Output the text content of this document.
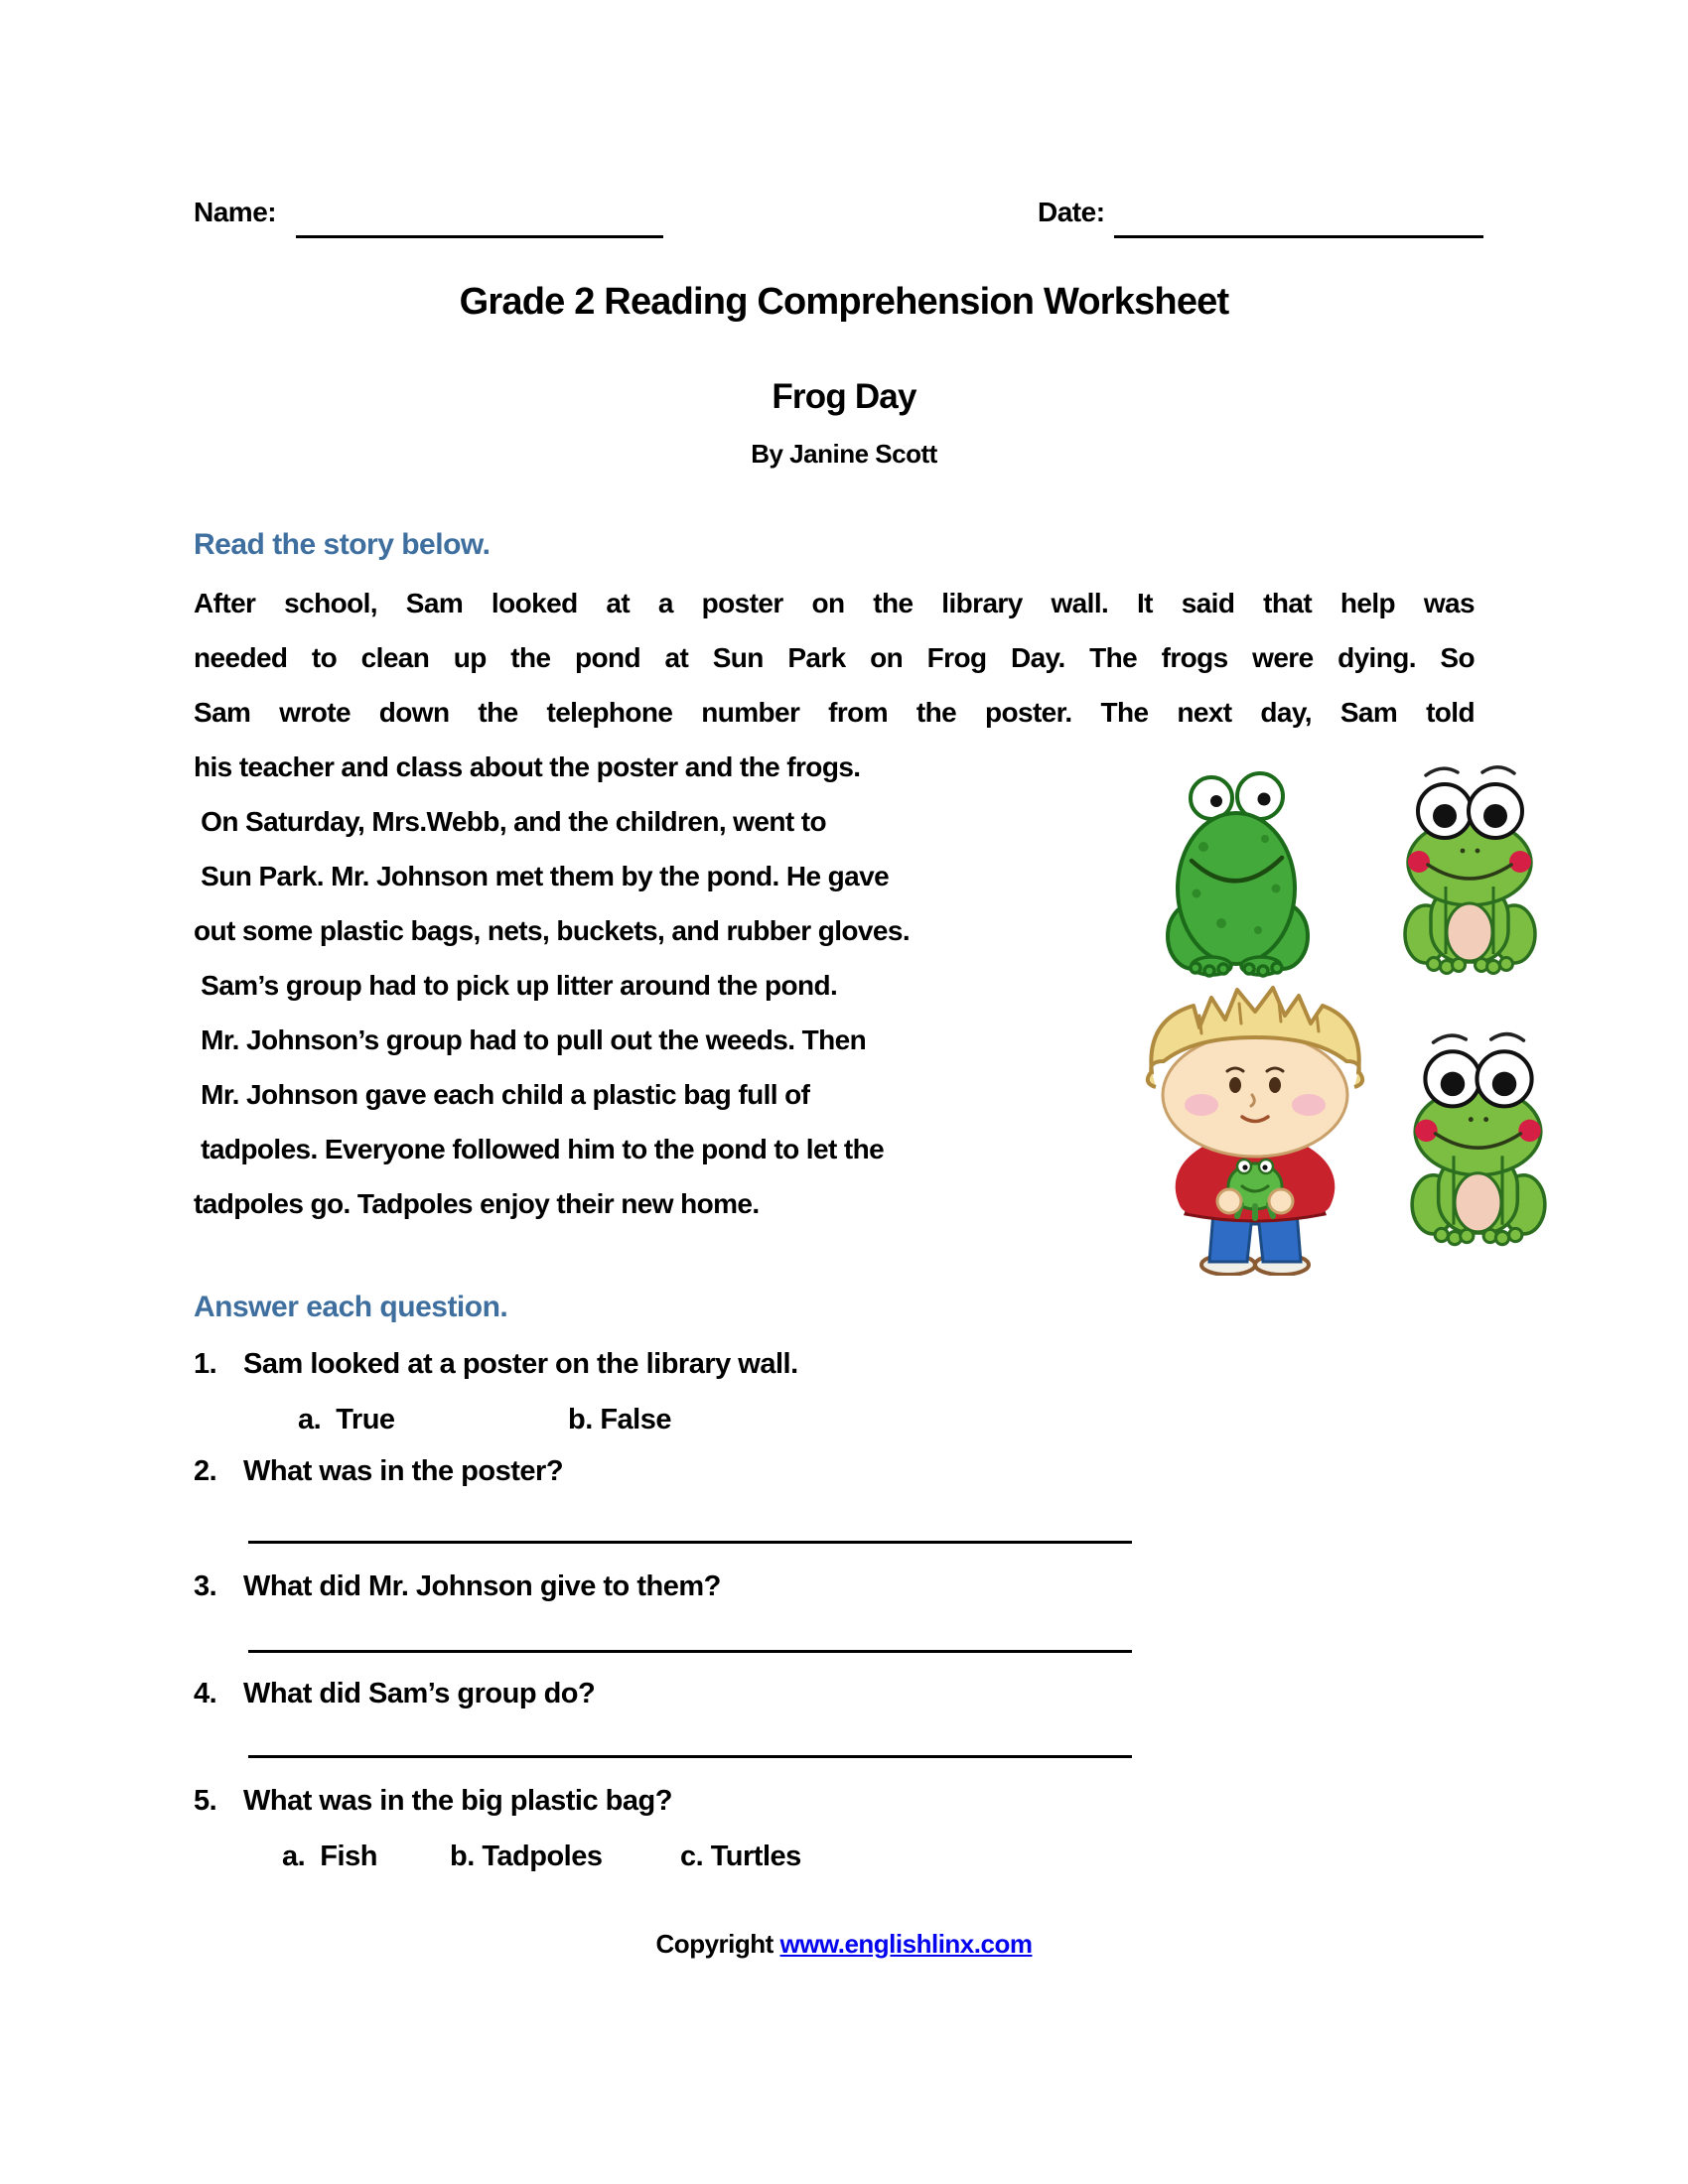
Name:	Date:
Grade 2 Reading Comprehension Worksheet
Frog Day
By Janine Scott
Read the story below.
After school, Sam looked at a poster on the library wall. It said that help was
needed to clean up the pond at Sun Park on Frog Day. The frogs were dying. So
Sam wrote down the telephone number from the poster. The next day, Sam told
his teacher and class about the poster and the frogs.
On Saturday, Mrs.Webb, and the children, went to
Sun Park. Mr. Johnson met them by the pond. He gave
out some plastic bags, nets, buckets, and rubber gloves.
Sam’s group had to pick up litter around the pond.
Mr. Johnson’s group had to pull out the weeds. Then
Mr. Johnson gave each child a plastic bag full of
tadpoles. Everyone followed him to the pond to let the
tadpoles go. Tadpoles enjoy their new home.
Answer each question.
1. Sam looked at a poster on the library wall.
a.  True	b. False
2. What was in the poster?
3. What did Mr. Johnson give to them?
4. What did Sam’s group do?
5. What was in the big plastic bag?
a.  Fish	b. Tadpoles	c. Turtles
Copyright www.englishlinx.com
